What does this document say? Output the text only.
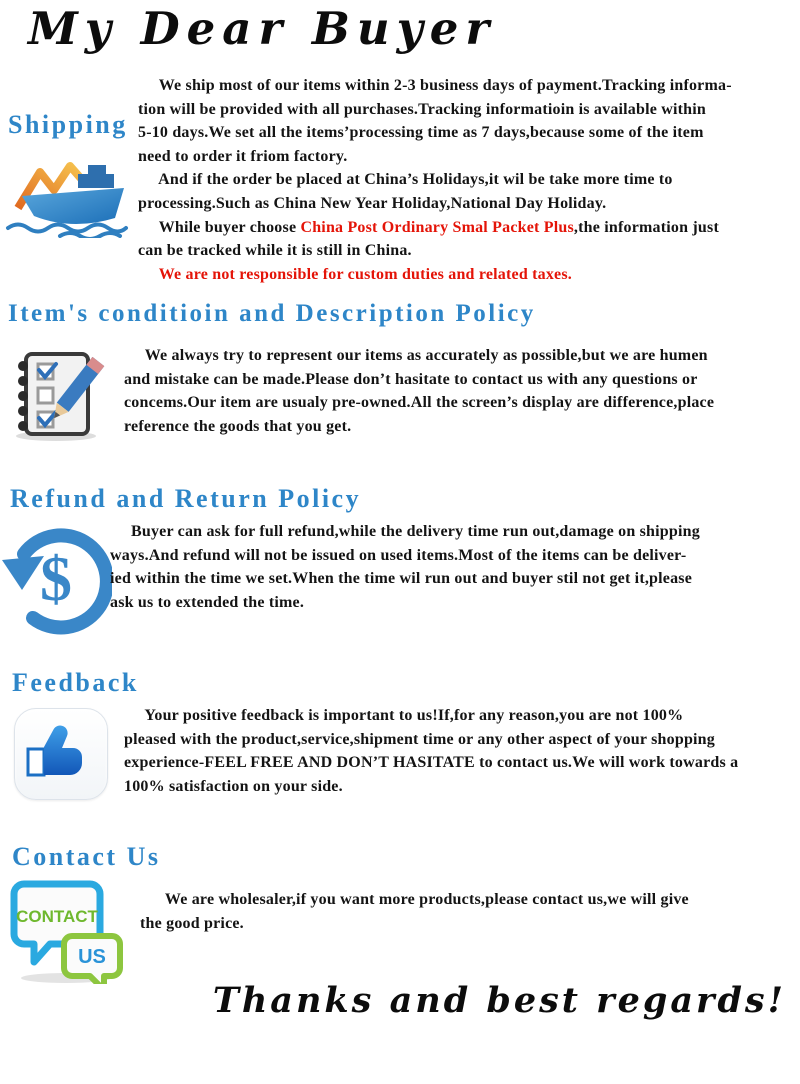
My Dear Buyer
Shipping
We ship most of our items within 2-3 business days of payment.Tracking informa-
tion will be provided with all purchases.Tracking informatioin is available within
5-10 days.We set all the items’processing time as 7 days,because some of the item
need to order it friom factory.
And if the order be placed at China’s Holidays,it wil be take more time to
processing.Such as China New Year Holiday,National Day Holiday.
While buyer choose China Post Ordinary Smal Packet Plus,the information just
can be tracked while it is still in China.
We are not responsible for custom duties and related taxes.
Item's conditioin and Description Policy
We always try to represent our items as accurately as possible,but we are humen
and mistake can be made.Please don’t hasitate to contact us with any questions or
concems.Our item are usualy pre-owned.All the screen’s display are difference,place
reference the goods that you get.
Refund and Return Policy
$
Buyer can ask for full refund,while the delivery time run out,damage on shipping
ways.And refund will not be issued on used items.Most of the items can be deliver-
ied within the time we set.When the time wil run out and buyer stil not get it,please
ask us to extended the time.
Feedback
Your positive feedback is important to us!If,for any reason,you are not 100%
pleased with the product,service,shipment time or any other aspect of your shopping
experience-FEEL FREE AND DON’T HASITATE to contact us.We will work towards a
100% satisfaction on your side.
Contact Us
CONTACT
US
We are wholesaler,if you want more products,please contact us,we will give
the good price.
Thanks and best regards!
